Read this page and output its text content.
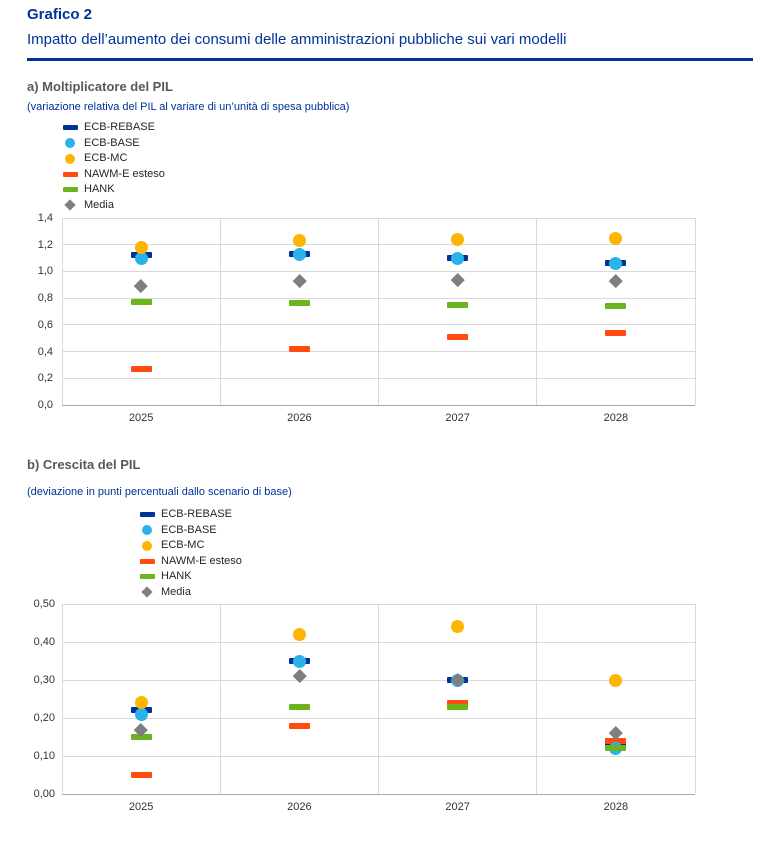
Grafico 2
Impatto dell’aumento dei consumi delle amministrazioni pubbliche sui vari modelli
a) Moltiplicatore del PIL
(variazione relativa del PIL al variare di un’unità di spesa pubblica)
0,0
0,2
0,4
0,6
0,8
1,0
1,2
1,4
2025	2026	2027	2028
ECB-REBASE
ECB-BASE
ECB-MC
NAWM-E esteso
HANK
Media
b) Crescita del PIL
(deviazione in punti percentuali dallo scenario di base)
0,00
0,10
0,20
0,30
0,40
0,50
2025	2026	2027	2028
ECB-REBASE
ECB-BASE
ECB-MC
NAWM-E esteso
HANK
Media
